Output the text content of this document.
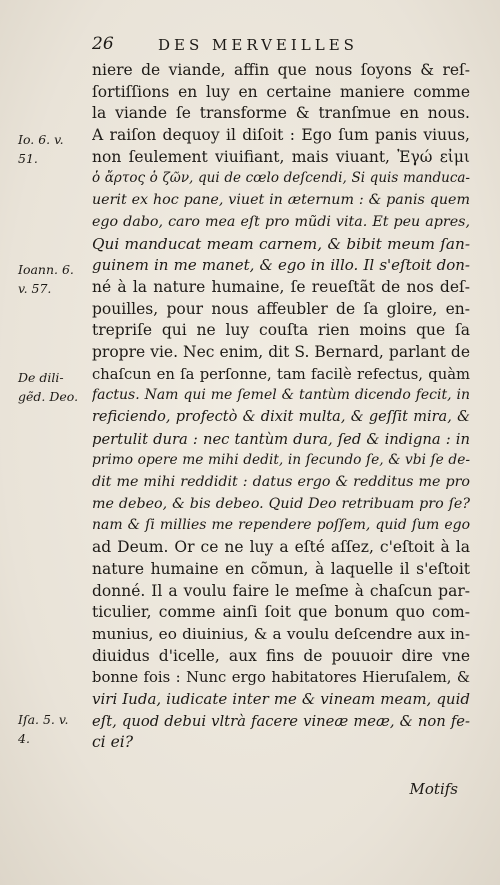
26	DES MERVEILLES
Io. 6. v.
51.
Ioann. 6.
v. 57.
De dili-
gẽd. Deo.
Iſa. 5. v.
4.
niere de viande, affin que nous ſoyons & reſ-
ſortiſſions en luy en certaine maniere comme
la viande ſe transforme & tranſmue en nous.
A raiſon dequoy il diſoit : Ego ſum panis viuus,
non ſeulement viuifiant, mais viuant, Ἐγώ εἰμι
ὁ ἄρτος ὁ ζῶν, qui de cœlo deſcendi, Si quis manduca-
uerit ex hoc pane, viuet in æternum : & panis quem
ego dabo, caro mea eſt pro mũdi vita. Et peu apres,
Qui manducat meam carnem, & bibit meum ſan-
guinem in me manet, & ego in illo. Il s'eſtoit don-
né à la nature humaine, ſe reueſtãt de nos deſ-
pouilles, pour nous affeubler de ſa gloire, en-
trepriſe qui ne luy couſta rien moins que ſa
propre vie. Nec enim, dit S. Bernard, parlant de
chaſcun en ſa perſonne, tam facilè refectus, quàm
factus. Nam qui me ſemel & tantùm dicendo fecit, in
reficiendo, profectò & dixit multa, & geſſit mira, &
pertulit dura : nec tantùm dura, ſed & indigna : in
primo opere me mihi dedit, in ſecundo ſe, & vbi ſe de-
dit me mihi reddidit : datus ergo & redditus me pro
me debeo, & bis debeo. Quid Deo retribuam pro ſe?
nam & ſi millies me rependere poſſem, quid ſum ego
ad Deum. Or ce ne luy a eſté aſſez, c'eſtoit à la
nature humaine en cõmun, à laquelle il s'eſtoit
donné. Il a voulu faire le meſme à chaſcun par-
ticulier, comme ainſi ſoit que bonum quo com-
munius, eo diuinius, & a voulu deſcendre aux in-
diuidus d'icelle, aux fins de pouuoir dire vne
bonne fois : Nunc ergo habitatores Hieruſalem, &
viri Iuda, iudicate inter me & vineam meam, quid
eſt, quod debui vltrà facere vineæ meæ, & non fe-
ci ei?
Motifs
